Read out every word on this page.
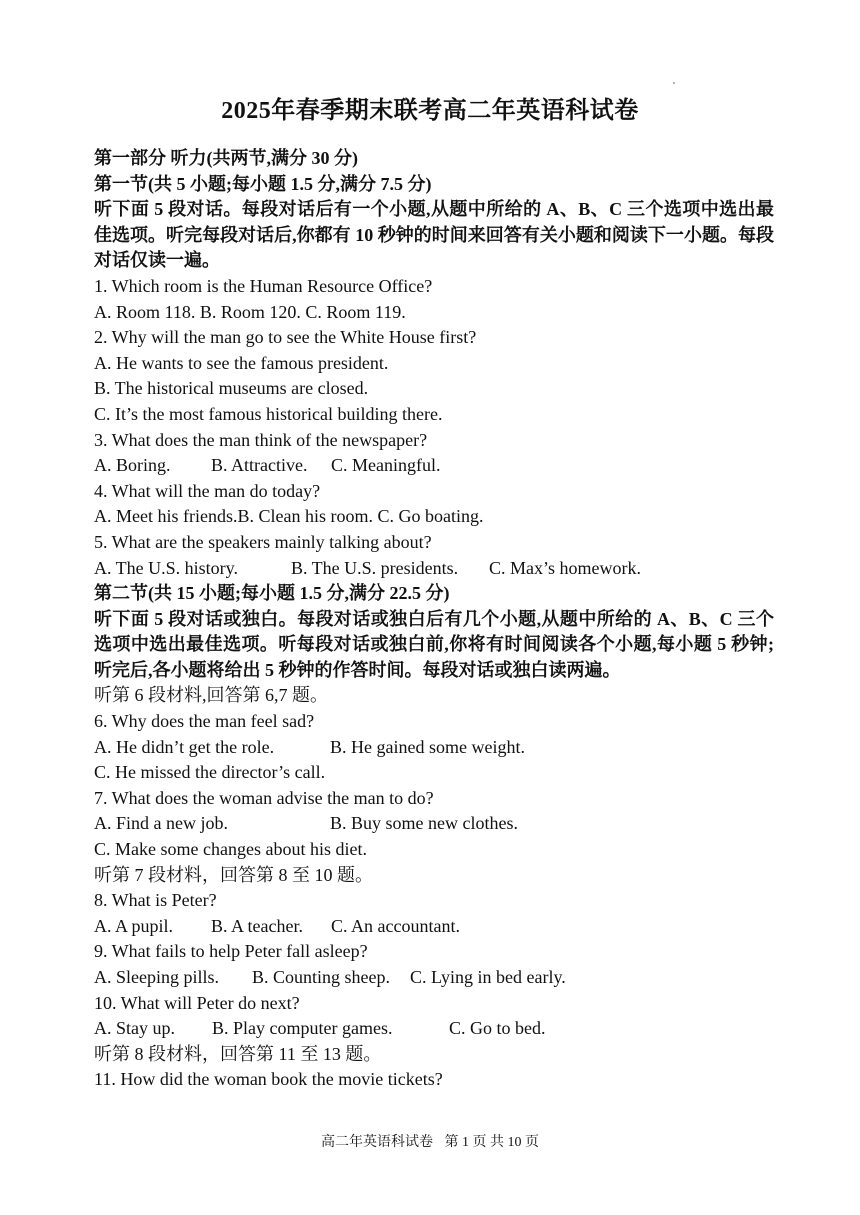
2025年春季期末联考高二年英语科试卷
第一部分 听力(共两节,满分 30 分)
第一节(共 5 小题;每小题 1.5 分,满分 7.5 分)
听下面 5 段对话。每段对话后有一个小题,从题中所给的 A、B、C 三个选项中选出最佳选项。听完每段对话后,你都有 10 秒钟的时间来回答有关小题和阅读下一小题。每段对话仅读一遍。
1. Which room is the Human Resource Office?
A. Room 118. B. Room 120. C. Room 119.
2. Why will the man go to see the White House first?
A. He wants to see the famous president.
B. The historical museums are closed.
C. It’s the most famous historical building there.
3. What does the man think of the newspaper?
A. Boring.	B. Attractive.	C. Meaningful.
4. What will the man do today?
A. Meet his friends.B. Clean his room. C. Go boating.
5. What are the speakers mainly talking about?
A. The U.S. history.	B. The U.S. presidents.	C. Max’s homework.
第二节(共 15 小题;每小题 1.5 分,满分 22.5 分)
听下面 5 段对话或独白。每段对话或独白后有几个小题,从题中所给的 A、B、C 三个选项中选出最佳选项。听每段对话或独白前,你将有时间阅读各个小题,每小题 5 秒钟;听完后,各小题将给出 5 秒钟的作答时间。每段对话或独白读两遍。
听第 6 段材料,回答第 6,7 题。
6. Why does the man feel sad?
A. He didn’t get the role.	B. He gained some weight.
C. He missed the director’s call.
7. What does the woman advise the man to do?
A. Find a new job.	B. Buy some new clothes.
C. Make some changes about his diet.
听第 7 段材料，回答第 8 至 10 题。
8. What is Peter?
A. A pupil.	B. A teacher.	C. An accountant.
9. What fails to help Peter fall asleep?
A. Sleeping pills.	B. Counting sheep.	C. Lying in bed early.
10. What will Peter do next?
A. Stay up.	B. Play computer games.	C. Go to bed.
听第 8 段材料，回答第 11 至 13 题。
11. How did the woman book the movie tickets?
高二年英语科试卷 第 1 页 共 10 页
